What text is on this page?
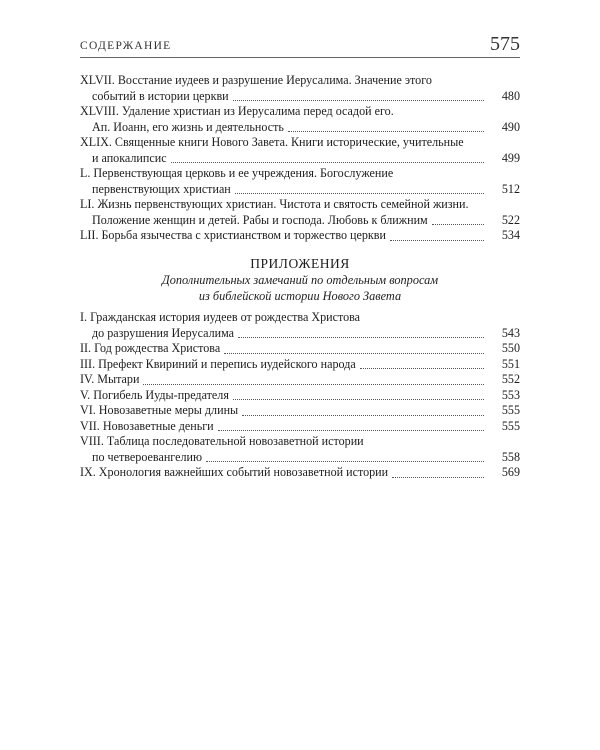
СОДЕРЖАНИЕ	575
XLVII. Восстание иудеев и разрушение Иерусалима. Значение этого
событий в истории церкви	480
XLVIII. Удаление христиан из Иерусалима перед осадой его.
Ап. Иоанн, его жизнь и деятельность	490
XLIX. Священные книги Нового Завета. Книги исторические, учительные
и апокалипсис	499
L. Первенствующая церковь и ее учреждения. Богослужение
первенствующих христиан	512
LI. Жизнь первенствующих христиан. Чистота и святость семейной жизни.
Положение женщин и детей. Рабы и господа. Любовь к ближним	522
LII. Борьба язычества с христианством и торжество церкви	534
ПРИЛОЖЕНИЯ
Дополнительных замечаний по отдельным вопросам
из библейской истории Нового Завета
I. Гражданская история иудеев от рождества Христова
до разрушения Иерусалима	543
II. Год рождества Христова	550
III. Префект Квириний и перепись иудейского народа	551
IV. Мытари	552
V. Погибель Иуды-предателя	553
VI. Новозаветные меры длины	555
VII. Новозаветные деньги	555
VIII. Таблица последовательной новозаветной истории
по четвероевангелию	558
IX. Хронология важнейших событий новозаветной истории	569
